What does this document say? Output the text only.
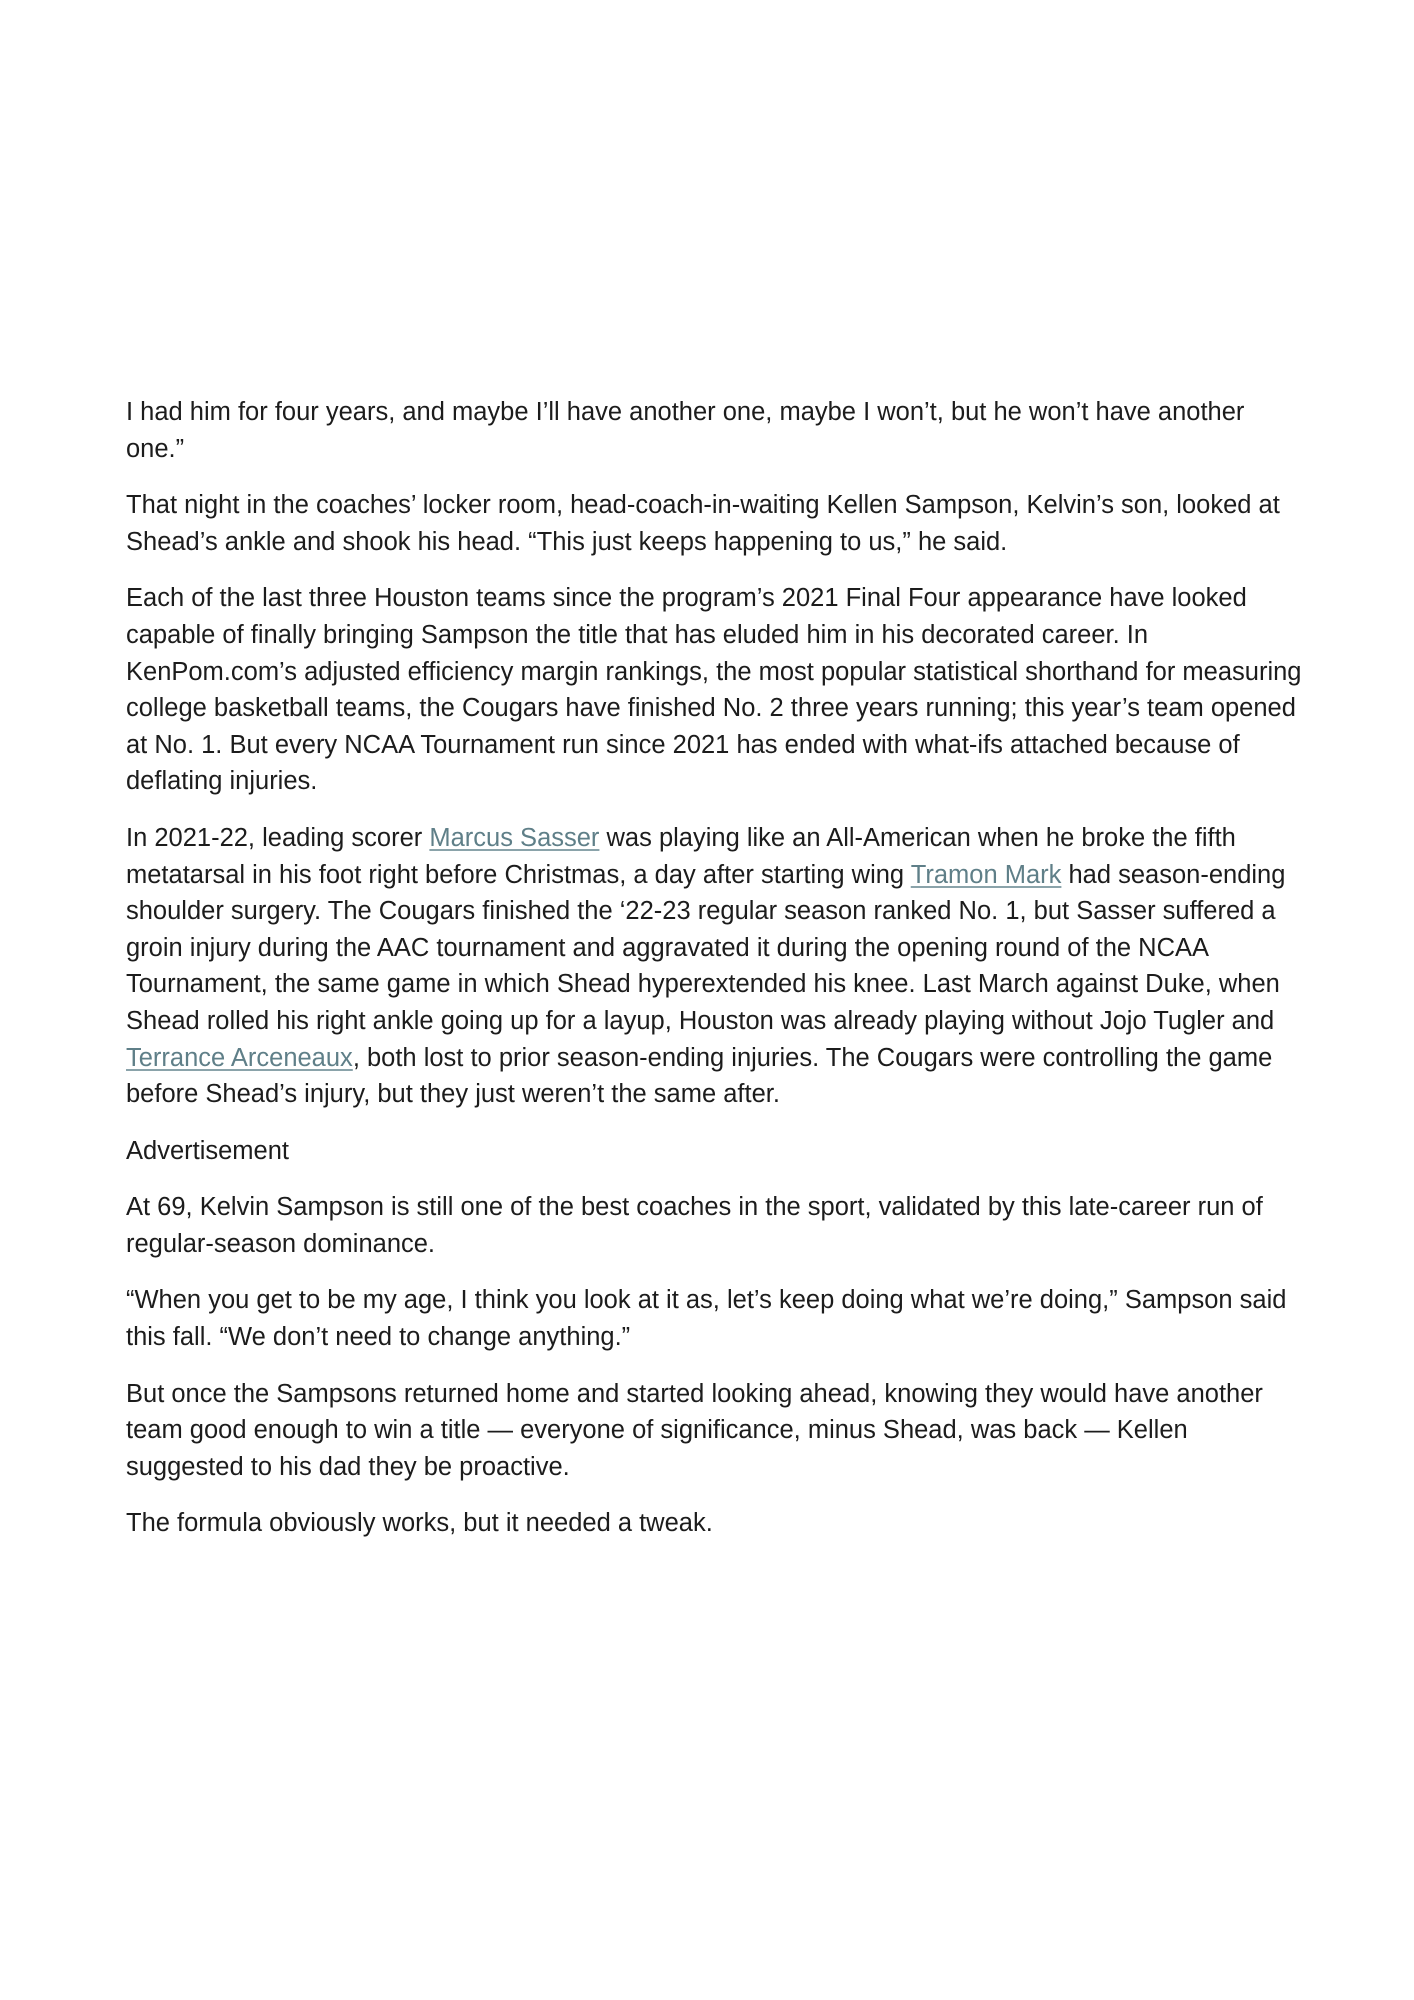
I had him for four years, and maybe I’ll have another one, maybe I won’t, but he won’t have another one.”

That night in the coaches’ locker room, head-coach-in-waiting Kellen Sampson, Kelvin’s son, looked at Shead’s ankle and shook his head. “This just keeps happening to us,” he said.

Each of the last three Houston teams since the program’s 2021 Final Four appearance have looked capable of finally bringing Sampson the title that has eluded him in his decorated career. In KenPom.com’s adjusted efficiency margin rankings, the most popular statistical shorthand for measuring college basketball teams, the Cougars have finished No. 2 three years running; this year’s team opened at No. 1. But every NCAA Tournament run since 2021 has ended with what-ifs attached because of deflating injuries.

In 2021-22, leading scorer Marcus Sasser was playing like an All-American when he broke the fifth metatarsal in his foot right before Christmas, a day after starting wing Tramon Mark had season-ending shoulder surgery. The Cougars finished the ‘22-23 regular season ranked No. 1, but Sasser suffered a groin injury during the AAC tournament and aggravated it during the opening round of the NCAA Tournament, the same game in which Shead hyperextended his knee. Last March against Duke, when Shead rolled his right ankle going up for a layup, Houston was already playing without Jojo Tugler and Terrance Arceneaux, both lost to prior season-ending injuries. The Cougars were controlling the game before Shead’s injury, but they just weren’t the same after.

Advertisement

At 69, Kelvin Sampson is still one of the best coaches in the sport, validated by this late-career run of regular-season dominance.

“When you get to be my age, I think you look at it as, let’s keep doing what we’re doing,” Sampson said this fall. “We don’t need to change anything.”

But once the Sampsons returned home and started looking ahead, knowing they would have another team good enough to win a title — everyone of significance, minus Shead, was back — Kellen suggested to his dad they be proactive.

The formula obviously works, but it needed a tweak.
